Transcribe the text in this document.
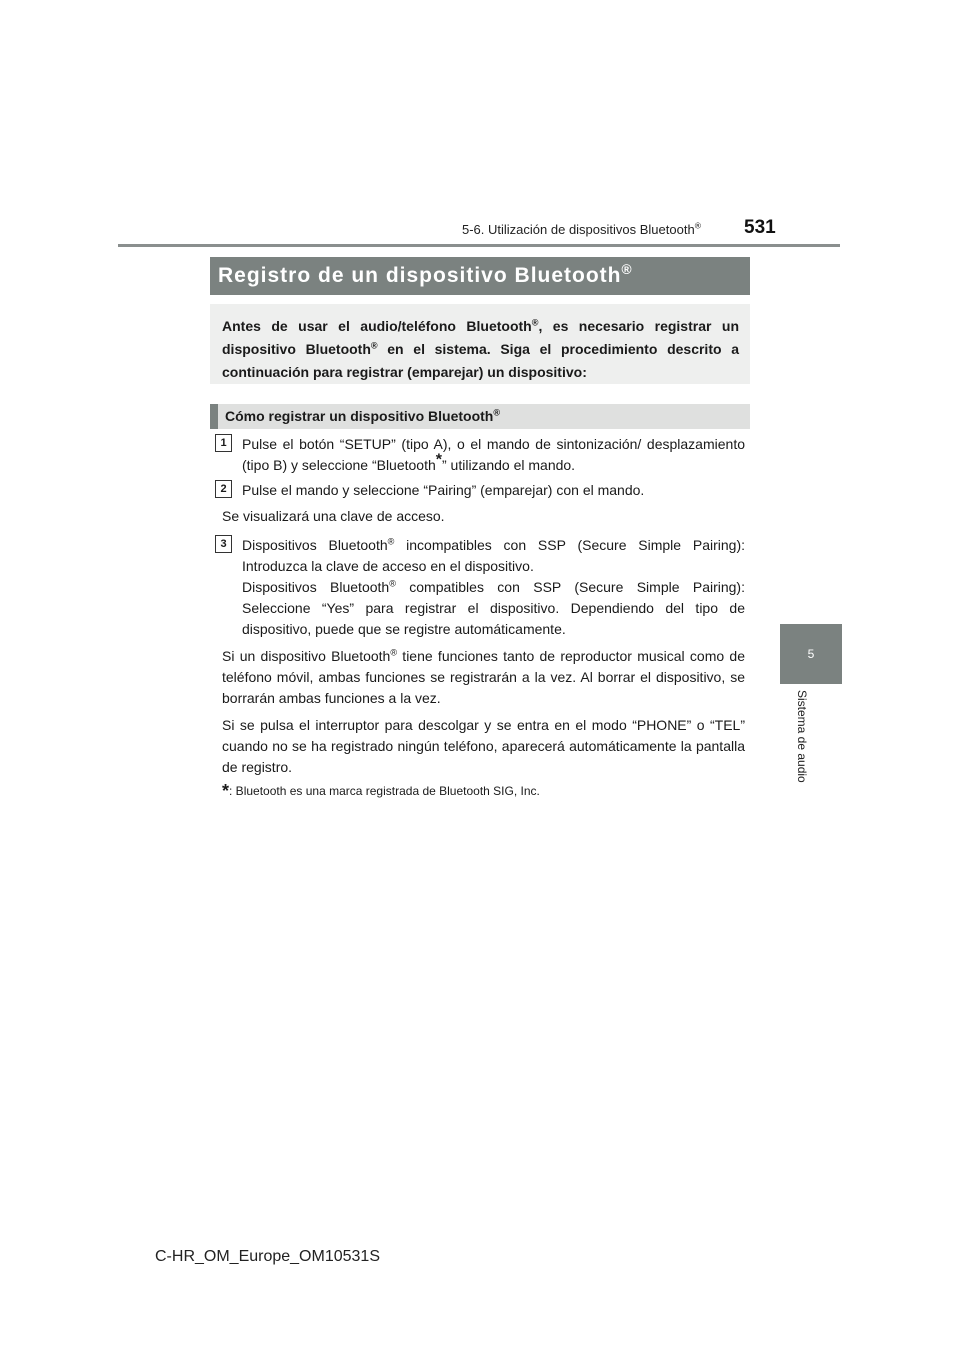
5-6. Utilización de dispositivos Bluetooth® 531
5
Sistema de audio
Registro de un dispositivo Bluetooth®
Antes de usar el audio/teléfono Bluetooth®, es necesario registrar un dispositivo Bluetooth® en el sistema. Siga el procedimiento descrito a continuación para registrar (emparejar) un dispositivo:
Cómo registrar un dispositivo Bluetooth®
1	Pulse el botón “SETUP” (tipo A), o el mando de sintonización/ desplazamiento (tipo B) y seleccione “Bluetooth*” utilizando el mando.
2	Pulse el mando y seleccione “Pairing” (emparejar) con el mando.

Se visualizará una clave de acceso.

3	Dispositivos Bluetooth® incompatibles con SSP (Secure Simple Pairing): Introduzca la clave de acceso en el dispositivo.
Dispositivos Bluetooth® compatibles con SSP (Secure Simple Pairing): Seleccione “Yes” para registrar el dispositivo. Dependiendo del tipo de dispositivo, puede que se registre automáticamente.

Si un dispositivo Bluetooth® tiene funciones tanto de reproductor musical como de teléfono móvil, ambas funciones se registrarán a la vez. Al borrar el dispositivo, se borrarán ambas funciones a la vez.

Si se pulsa el interruptor para descolgar y se entra en el modo “PHONE” o “TEL” cuando no se ha registrado ningún teléfono, aparecerá automáticamente la pantalla de registro.

*: Bluetooth es una marca registrada de Bluetooth SIG, Inc.

C-HR_OM_Europe_OM10531S
